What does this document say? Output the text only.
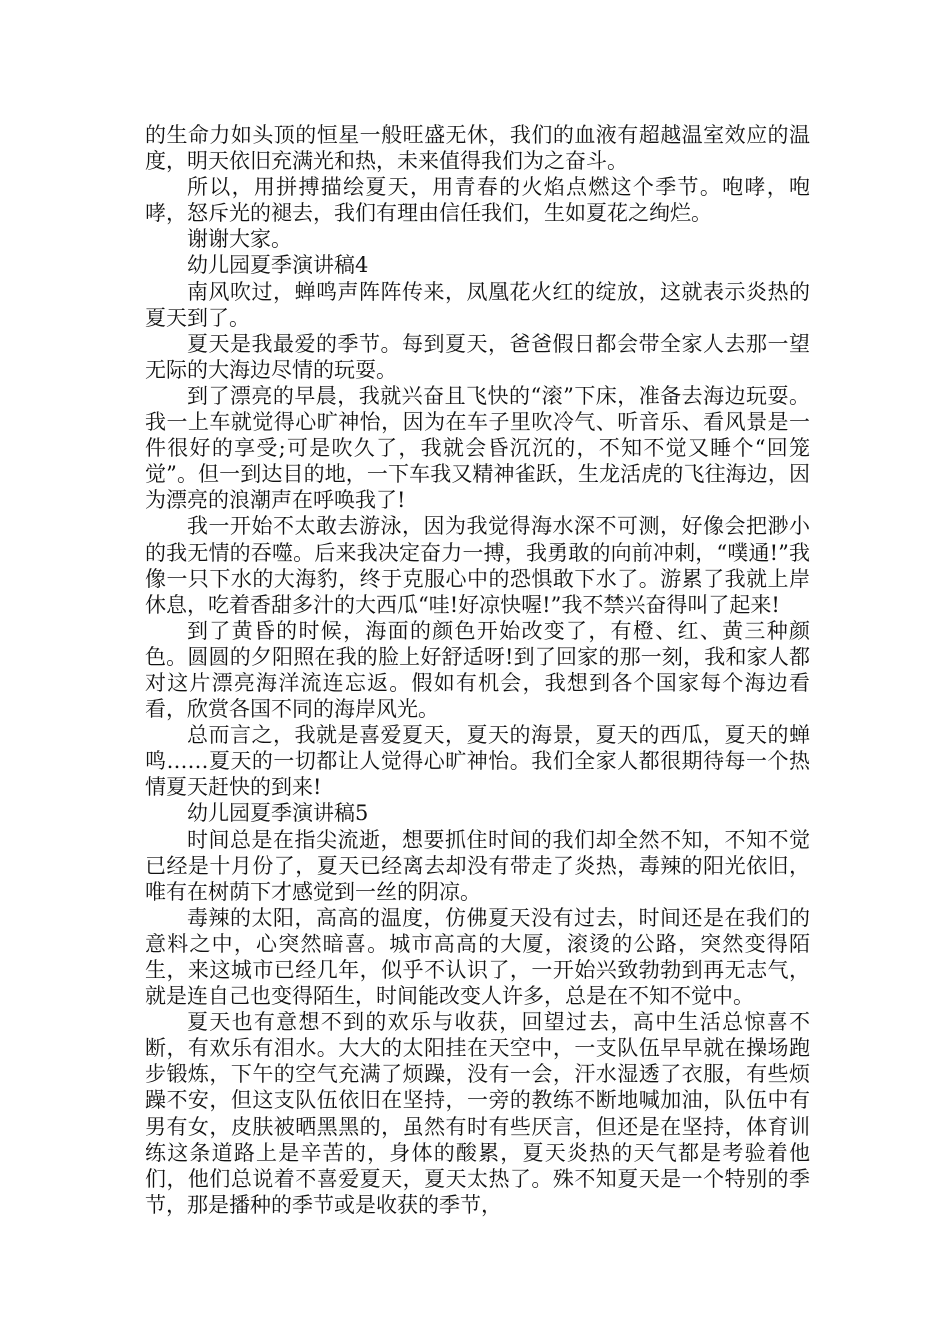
的生命力如头顶的恒星一般旺盛无休，我们的血液有超越温室效应的温度，明天依旧充满光和热，未来值得我们为之奋斗。

所以，用拼搏描绘夏天，用青春的火焰点燃这个季节。咆哮，咆哮，怒斥光的褪去，我们有理由信任我们，生如夏花之绚烂。

谢谢大家。

幼儿园夏季演讲稿4

南风吹过，蝉鸣声阵阵传来，凤凰花火红的绽放，这就表示炎热的夏天到了。

夏天是我最爱的季节。每到夏天，爸爸假日都会带全家人去那一望无际的大海边尽情的玩耍。

到了漂亮的早晨，我就兴奋且飞快的“滚”下床，准备去海边玩耍。我一上车就觉得心旷神怡，因为在车子里吹冷气、听音乐、看风景是一件很好的享受;可是吹久了，我就会昏沉沉的，不知不觉又睡个“回笼觉”。但一到达目的地，一下车我又精神雀跃，生龙活虎的飞往海边，因为漂亮的浪潮声在呼唤我了!

我一开始不太敢去游泳，因为我觉得海水深不可测，好像会把渺小的我无情的吞噬。后来我决定奋力一搏，我勇敢的向前冲刺，“噗通!”我像一只下水的大海豹，终于克服心中的恐惧敢下水了。游累了我就上岸休息，吃着香甜多汁的大西瓜“哇!好凉快喔!”我不禁兴奋得叫了起来!

到了黄昏的时候，海面的颜色开始改变了，有橙、红、黄三种颜色。圆圆的夕阳照在我的脸上好舒适呀!到了回家的那一刻，我和家人都对这片漂亮海洋流连忘返。假如有机会，我想到各个国家每个海边看看，欣赏各国不同的海岸风光。

总而言之，我就是喜爱夏天，夏天的海景，夏天的西瓜，夏天的蝉鸣……夏天的一切都让人觉得心旷神怡。我们全家人都很期待每一个热情夏天赶快的到来!

幼儿园夏季演讲稿5

时间总是在指尖流逝，想要抓住时间的我们却全然不知，不知不觉已经是十月份了，夏天已经离去却没有带走了炎热，毒辣的阳光依旧，唯有在树荫下才感觉到一丝的阴凉。

毒辣的太阳，高高的温度，仿佛夏天没有过去，时间还是在我们的意料之中，心突然暗喜。城市高高的大厦，滚烫的公路，突然变得陌生，来这城市已经几年，似乎不认识了，一开始兴致勃勃到再无志气，就是连自己也变得陌生，时间能改变人许多，总是在不知不觉中。

夏天也有意想不到的欢乐与收获，回望过去，高中生活总惊喜不断，有欢乐有泪水。大大的太阳挂在天空中，一支队伍早早就在操场跑步锻炼，下午的空气充满了烦躁，没有一会，汗水湿透了衣服，有些烦躁不安，但这支队伍依旧在坚持，一旁的教练不断地喊加油，队伍中有男有女，皮肤被晒黑黑的，虽然有时有些厌言，但还是在坚持，体育训练这条道路上是辛苦的，身体的酸累，夏天炎热的天气都是考验着他们，他们总说着不喜爱夏天，夏天太热了。殊不知夏天是一个特别的季节，那是播种的季节或是收获的季节，
